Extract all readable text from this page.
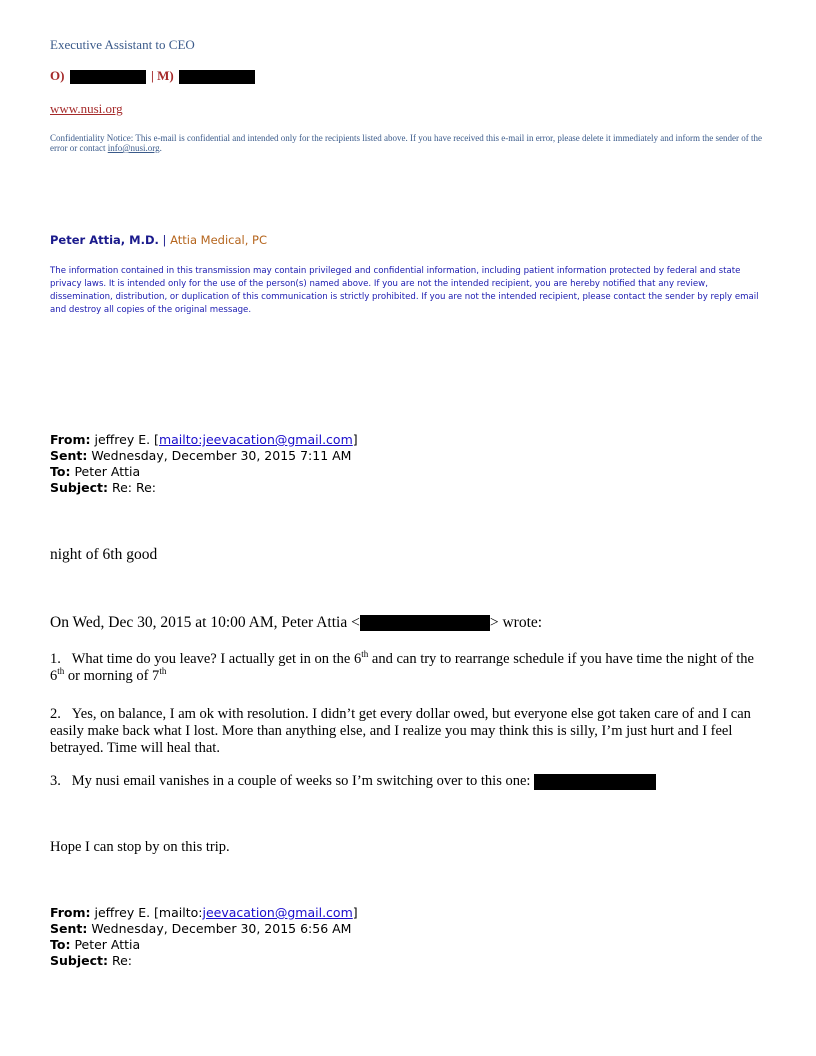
Executive Assistant to CEO
O)	| M)
www.nusi.org
Confidentiality Notice: This e-mail is confidential and intended only for the recipients listed above. If you have received this e-mail in error, please delete it immediately and inform the sender of the error or contact info@nusi.org.
Peter Attia, M.D. | Attia Medical, PC
The information contained in this transmission may contain privileged and confidential information, including patient information protected by federal and state privacy laws. It is intended only for the use of the person(s) named above. If you are not the intended recipient, you are hereby notified that any review, dissemination, distribution, or duplication of this communication is strictly prohibited. If you are not the intended recipient, please contact the sender by reply email and destroy all copies of the original message.
From: jeffrey E. [mailto:jeevacation@gmail.com]
Sent: Wednesday, December 30, 2015 7:11 AM
To: Peter Attia
Subject: Re: Re:
night of 6th good
On Wed, Dec 30, 2015 at 10:00 AM, Peter Attia <	> wrote:
1. What time do you leave? I actually get in on the 6th and can try to rearrange schedule if you have time the night of the 6th or morning of 7th
2. Yes, on balance, I am ok with resolution. I didn’t get every dollar owed, but everyone else got taken care of and I can easily make back what I lost. More than anything else, and I realize you may think this is silly, I’m just hurt and I feel betrayed. Time will heal that.
3. My nusi email vanishes in a couple of weeks so I’m switching over to this one:
Hope I can stop by on this trip.
From: jeffrey E. [mailto:jeevacation@gmail.com]
Sent: Wednesday, December 30, 2015 6:56 AM
To: Peter Attia
Subject: Re:
